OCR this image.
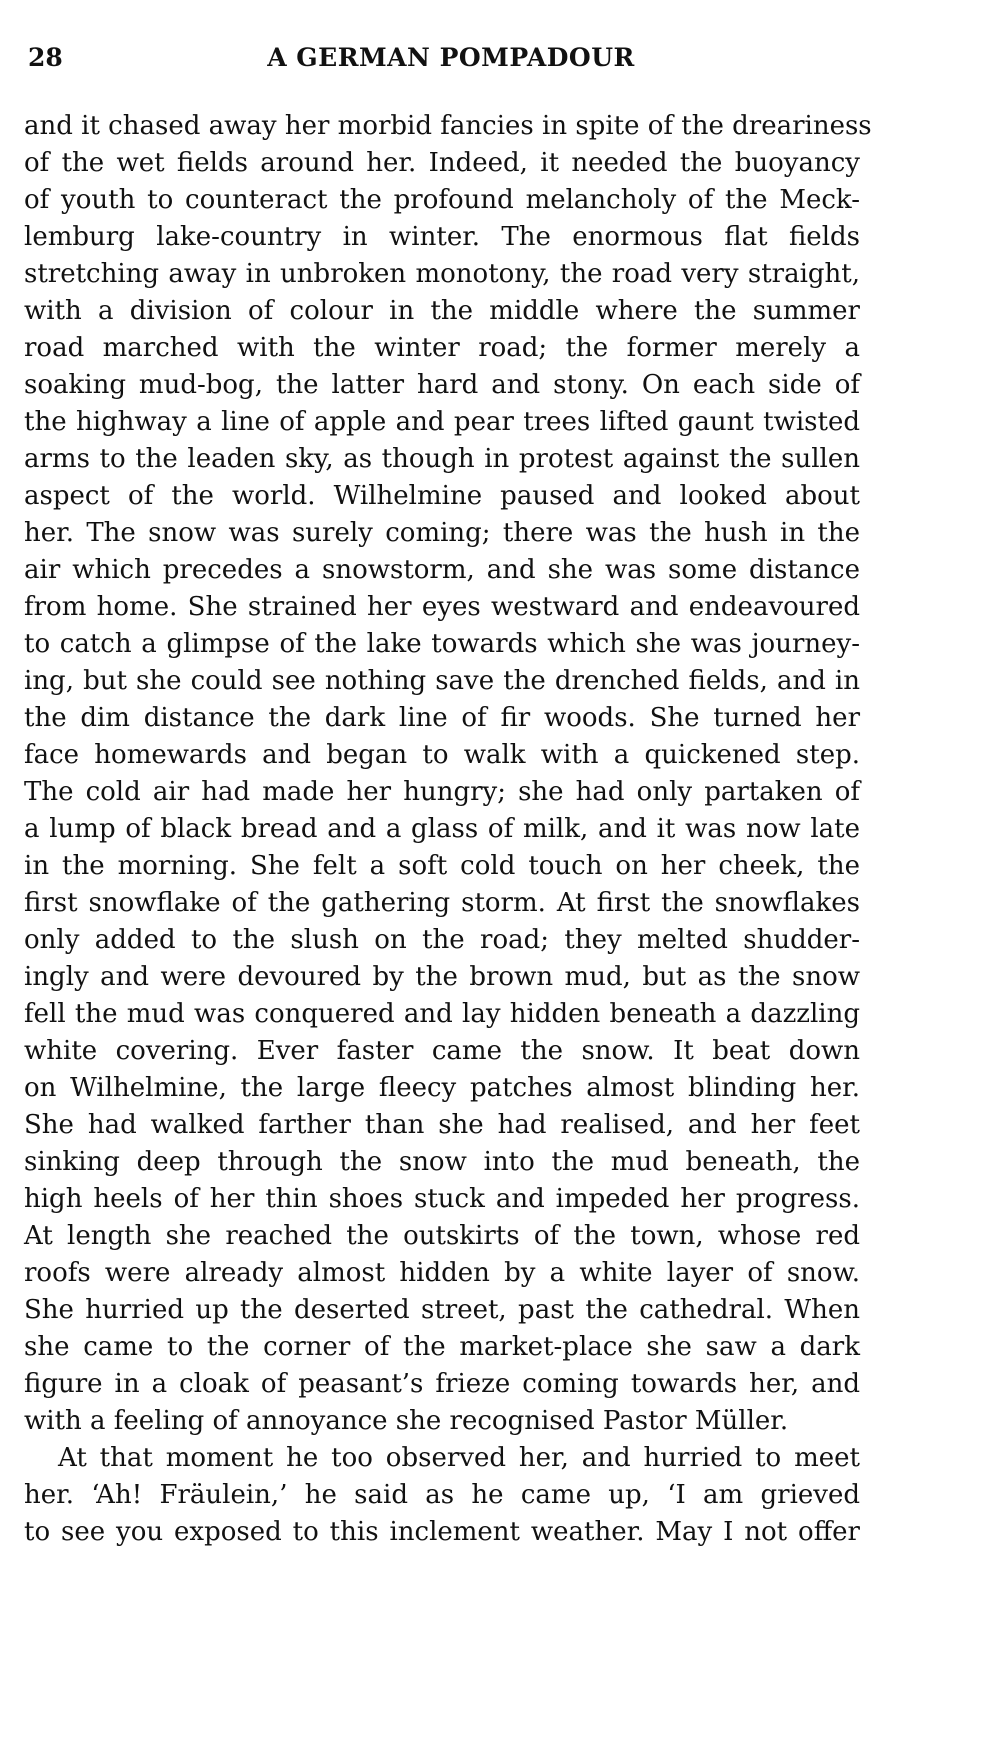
28	A GERMAN POMPADOUR
and it chased away her morbid fancies in spite of the dreariness
of the wet fields around her. Indeed, it needed the buoyancy
of youth to counteract the profound melancholy of the Meck-
lemburg lake-country in winter. The enormous flat fields
stretching away in unbroken monotony, the road very straight,
with a division of colour in the middle where the summer
road marched with the winter road; the former merely a
soaking mud-bog, the latter hard and stony. On each side of
the highway a line of apple and pear trees lifted gaunt twisted
arms to the leaden sky, as though in protest against the sullen
aspect of the world. Wilhelmine paused and looked about
her. The snow was surely coming; there was the hush in the
air which precedes a snowstorm, and she was some distance
from home. She strained her eyes westward and endeavoured
to catch a glimpse of the lake towards which she was journey-
ing, but she could see nothing save the drenched fields, and in
the dim distance the dark line of fir woods. She turned her
face homewards and began to walk with a quickened step.
The cold air had made her hungry; she had only partaken of
a lump of black bread and a glass of milk, and it was now late
in the morning. She felt a soft cold touch on her cheek, the
first snowflake of the gathering storm. At first the snowflakes
only added to the slush on the road; they melted shudder-
ingly and were devoured by the brown mud, but as the snow
fell the mud was conquered and lay hidden beneath a dazzling
white covering. Ever faster came the snow. It beat down
on Wilhelmine, the large fleecy patches almost blinding her.
She had walked farther than she had realised, and her feet
sinking deep through the snow into the mud beneath, the
high heels of her thin shoes stuck and impeded her progress.
At length she reached the outskirts of the town, whose red
roofs were already almost hidden by a white layer of snow.
She hurried up the deserted street, past the cathedral. When
she came to the corner of the market-place she saw a dark
figure in a cloak of peasant’s frieze coming towards her, and
with a feeling of annoyance she recognised Pastor Müller.
At that moment he too observed her, and hurried to meet
her. ‘Ah! Fräulein,’ he said as he came up, ‘I am grieved
to see you exposed to this inclement weather. May I not offer
